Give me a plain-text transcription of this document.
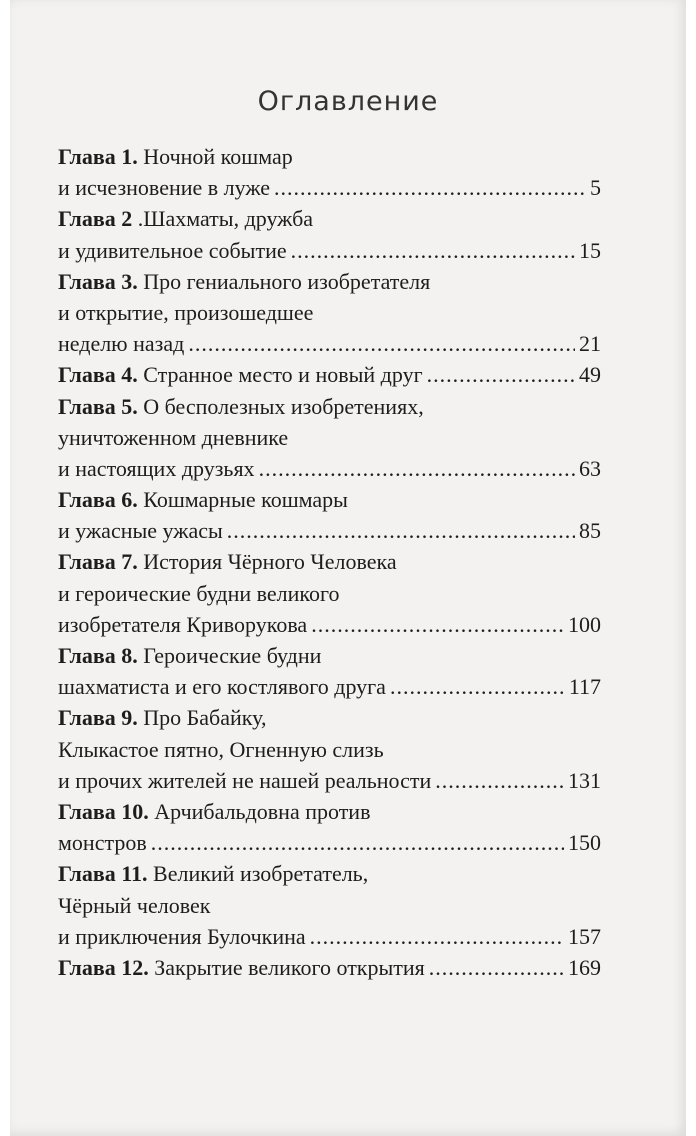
Оглавление
Глава 1.
Ночной кошмар
и исчезновение в луже .....	5
Глава 2
.Шахматы, дружба
и удивительное событие .....	15
Глава 3.
Про гениального изобретателя
и открытие, произошедшее
неделю назад .....	21
Глава 4.
Странное место и новый друг .....	49
Глава 5.
О бесполезных изобретениях,
уничтоженном дневнике
и настоящих друзьях .....	63
Глава 6.
Кошмарные кошмары
и ужасные ужасы .....	85
Глава 7.
История Чёрного Человека
и героические будни великого
изобретателя Криворукова .....	100
Глава 8.
Героические будни
шахматиста и его костлявого друга .....	117
Глава 9.
Про Бабайку,
Клыкастое пятно, Огненную слизь
и прочих жителей не нашей реальности .....	131
Глава 10.
Арчибальдовна против
монстров .....	150
Глава 11.
Великий изобретатель,
Чёрный человек
и приключения Булочкина .....	157
Глава 12.
Закрытие великого открытия .....	169
